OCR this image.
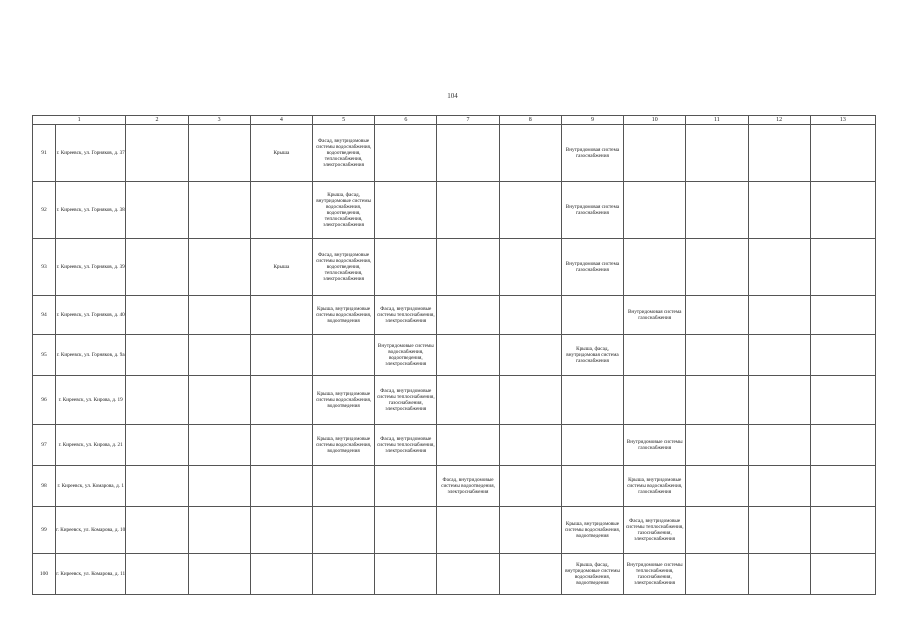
104
1		2	3	4	5	6	7	8	9	10	11	12	13

91	г. Киреевск, ул. Горняков, д. 37			Крыша	Фасад, внутридомовые системы водоснабжения, водоотведения, теплоснабжения, электроснабжения				Внутридомовая система газоснабжения				

92	г. Киреевск, ул. Горняков, д. 38				Крыша, фасад, внутридомовые системы водоснабжения, водоотведения, теплоснабжения, электроснабжения				Внутридомовая система газоснабжения				

93	г. Киреевск, ул. Горняков, д. 39			Крыша	Фасад, внутридомовые системы водоснабжения, водоотведения, теплоснабжения, электроснабжения				Внутридомовая система газоснабжения				

94	г. Киреевск, ул. Горняков, д. 40				Крыша, внутридомовые системы водоснабжения, водоотведения	Фасад, внутридомовые системы теплоснабжения, электроснабжения				Внутридомовая система газоснабжения			

95	г. Киреевск, ул. Горняков, д. 9а					Внутридомовые системы водоснабжения, водоотведения, электроснабжения			Крыша, фасад, внутридомовая система газоснабжения				

96	г. Киреевск, ул. Кирова, д. 19				Крыша, внутридомовые системы водоснабжения, водоотведения	Фасад, внутридомовые системы теплоснабжения, газоснабжения, электроснабжения							

97	г. Киреевск, ул. Кирова, д. 21				Крыша, внутридомовые системы водоснабжения, водоотведения	Фасад, внутридомовые системы теплоснабжения, электроснабжения				Внутридомовые системы газоснабжения			

98	г. Киреевск, ул. Комарова, д. 1						Фасад, внутридомовые системы водоотведения, электроснабжения			Крыша, внутридомовые системы водоснабжения, газоснабжения			

99	г. Киреевск, ул. Комарова, д. 10								Крыша, внутридомовые системы водоснабжения, водоотведения	Фасад, внутридомовые системы теплоснабжения, газоснабжения, электроснабжения			

100	г. Киреевск, ул. Комарова, д. 11								Крыша, фасад, внутридомовые системы водоснабжения, водоотведения	Внутридомовые системы теплоснабжения, газоснабжения, электроснабжения			
